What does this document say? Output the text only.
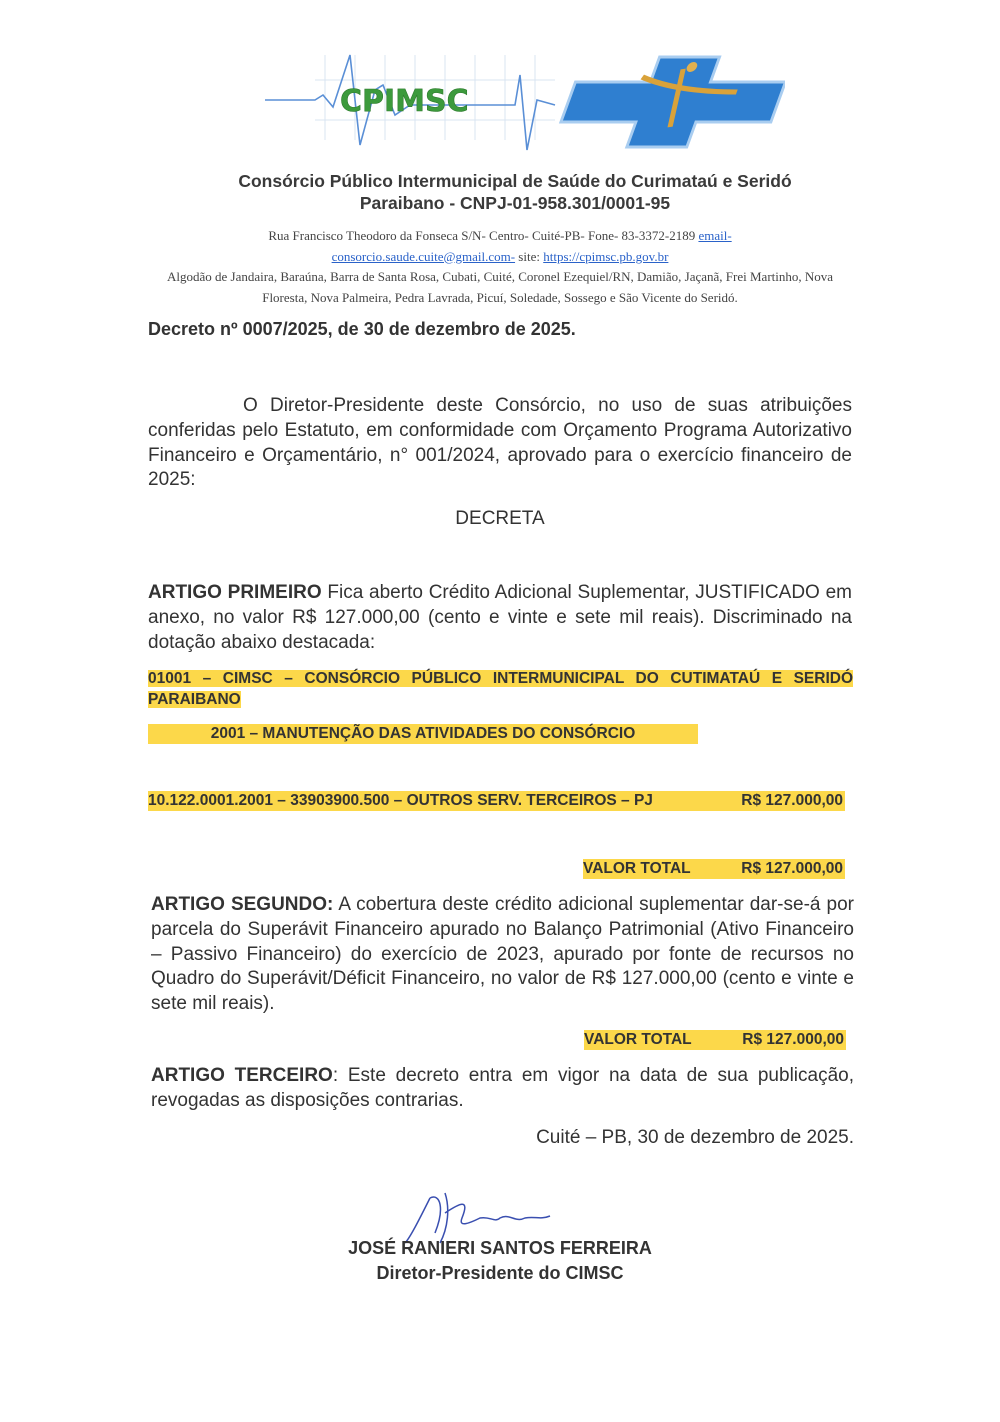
CPIMSC
Consórcio Público Intermunicipal de Saúde do Curimataú e Seridó
Paraibano - CNPJ-01-958.301/0001-95
Rua Francisco Theodoro da Fonseca S/N- Centro- Cuité-PB- Fone- 83-3372-2189 email-
consorcio.saude.cuite@gmail.com- site: https://cpimsc.pb.gov.br
Algodão de Jandaira, Baraúna, Barra de Santa Rosa, Cubati, Cuité, Coronel Ezequiel/RN, Damião, Jaçanã, Frei Martinho, Nova Floresta, Nova Palmeira, Pedra Lavrada, Picuí, Soledade, Sossego e São Vicente do Seridó.
Decreto nº 0007/2025, de 30 de dezembro de 2025.
O Diretor-Presidente deste Consórcio, no uso de suas atribuições conferidas pelo Estatuto, em conformidade com Orçamento Programa Autorizativo Financeiro e Orçamentário, n° 001/2024, aprovado para o exercício financeiro de 2025:
DECRETA
ARTIGO PRIMEIRO Fica aberto Crédito Adicional Suplementar, JUSTIFICADO em anexo, no valor R$ 127.000,00 (cento e vinte e sete mil reais). Discriminado na dotação abaixo destacada:
01001 – CIMSC – CONSÓRCIO PÚBLICO INTERMUNICIPAL DO CUTIMATAÚ E SERIDÓ PARAIBANO
2001 – MANUTENÇÃO DAS ATIVIDADES DO CONSÓRCIO
10.122.0001.2001 – 33903900.500 – OUTROS SERV. TERCEIROS – PJ	R$ 127.000,00
VALOR TOTAL	R$ 127.000,00
ARTIGO SEGUNDO: A cobertura deste crédito adicional suplementar dar-se-á por parcela do Superávit Financeiro apurado no Balanço Patrimonial (Ativo Financeiro – Passivo Financeiro) do exercício de 2023, apurado por fonte de recursos no Quadro do Superávit/Déficit Financeiro, no valor de R$ 127.000,00 (cento e vinte e sete mil reais).
VALOR TOTAL	R$ 127.000,00
ARTIGO TERCEIRO: Este decreto entra em vigor na data de sua publicação, revogadas as disposições contrarias.
Cuité – PB, 30 de dezembro de 2025.
JOSÉ RANIERI SANTOS FERREIRA
Diretor-Presidente do CIMSC
